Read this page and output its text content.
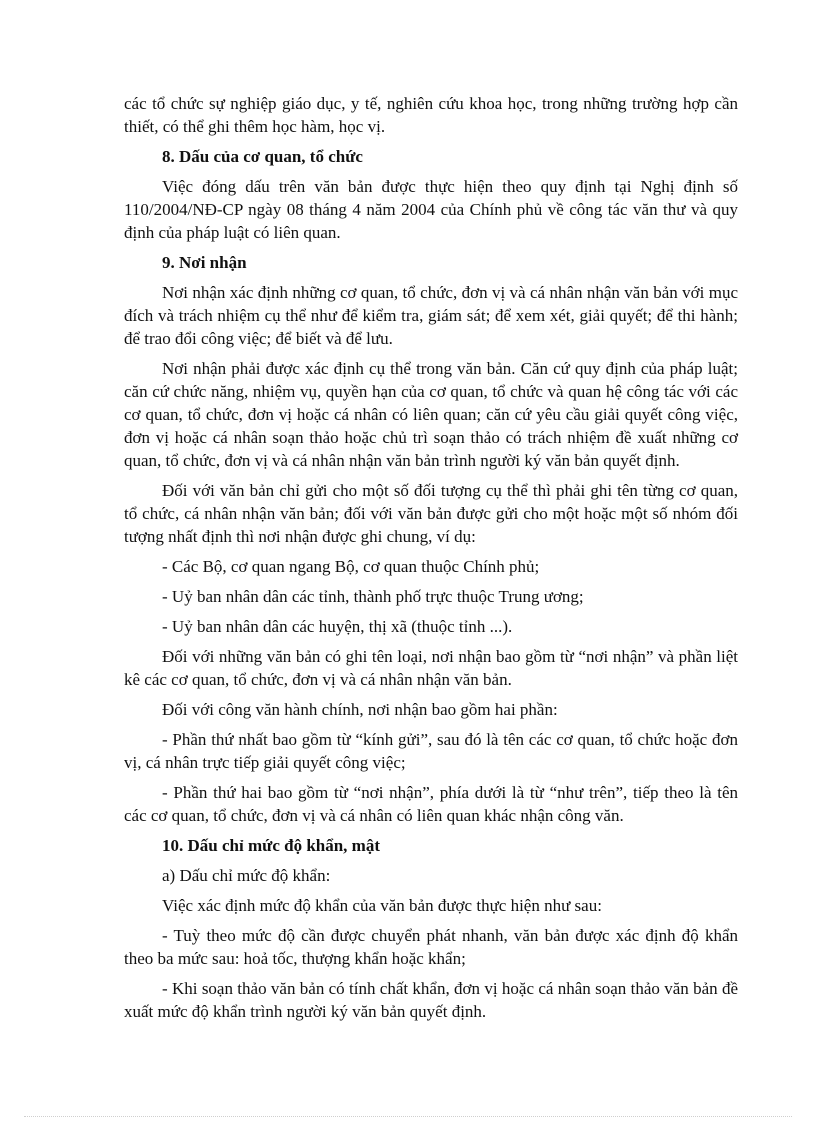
các tổ chức sự nghiệp giáo dục, y tế, nghiên cứu khoa học, trong những trường hợp cần thiết, có thể ghi thêm học hàm, học vị.

8. Dấu của cơ quan, tổ chức

Việc đóng dấu trên văn bản được thực hiện theo quy định tại Nghị định số 110/2004/NĐ-CP ngày 08 tháng 4 năm 2004 của Chính phủ về công tác văn thư và quy định của pháp luật có liên quan.

9. Nơi nhận

Nơi nhận xác định những cơ quan, tổ chức, đơn vị và cá nhân nhận văn bản với mục đích và trách nhiệm cụ thể như để kiểm tra, giám sát; để xem xét, giải quyết; để thi hành; để trao đổi công việc; để biết và để lưu.

Nơi nhận phải được xác định cụ thể trong văn bản. Căn cứ quy định của pháp luật; căn cứ chức năng, nhiệm vụ, quyền hạn của cơ quan, tổ chức và quan hệ công tác với các cơ quan, tổ chức, đơn vị hoặc cá nhân có liên quan; căn cứ yêu cầu giải quyết công việc, đơn vị hoặc cá nhân soạn thảo hoặc chủ trì soạn thảo có trách nhiệm đề xuất những cơ quan, tổ chức, đơn vị và cá nhân nhận văn bản trình người ký văn bản quyết định.

Đối với văn bản chỉ gửi cho một số đối tượng cụ thể thì phải ghi tên từng cơ quan, tổ chức, cá nhân nhận văn bản; đối với văn bản được gửi cho một hoặc một số nhóm đối tượng nhất định thì nơi nhận được ghi chung, ví dụ:

- Các Bộ, cơ quan ngang Bộ, cơ quan thuộc Chính phủ;

- Uỷ ban nhân dân các tỉnh, thành phố trực thuộc Trung ương;

- Uỷ ban nhân dân các huyện, thị xã (thuộc tỉnh ...).

Đối với những văn bản có ghi tên loại, nơi nhận bao gồm từ “nơi nhận” và phần liệt kê các cơ quan, tổ chức, đơn vị và cá nhân nhận văn bản.

Đối với công văn hành chính, nơi nhận bao gồm hai phần:

- Phần thứ nhất bao gồm từ “kính gửi”, sau đó là tên các cơ quan, tổ chức hoặc đơn vị, cá nhân trực tiếp giải quyết công việc;

- Phần thứ hai bao gồm từ “nơi nhận”, phía dưới là từ “như trên”, tiếp theo là tên các cơ quan, tổ chức, đơn vị và cá nhân có liên quan khác nhận công văn.

10. Dấu chỉ mức độ khẩn, mật

a) Dấu chỉ mức độ khẩn:

Việc xác định mức độ khẩn của văn bản được thực hiện như sau:

- Tuỳ theo mức độ cần được chuyển phát nhanh, văn bản được xác định độ khẩn theo ba mức sau: hoả tốc, thượng khẩn hoặc khẩn;

- Khi soạn thảo văn bản có tính chất khẩn, đơn vị hoặc cá nhân soạn thảo văn bản đề xuất mức độ khẩn trình người ký văn bản quyết định.
